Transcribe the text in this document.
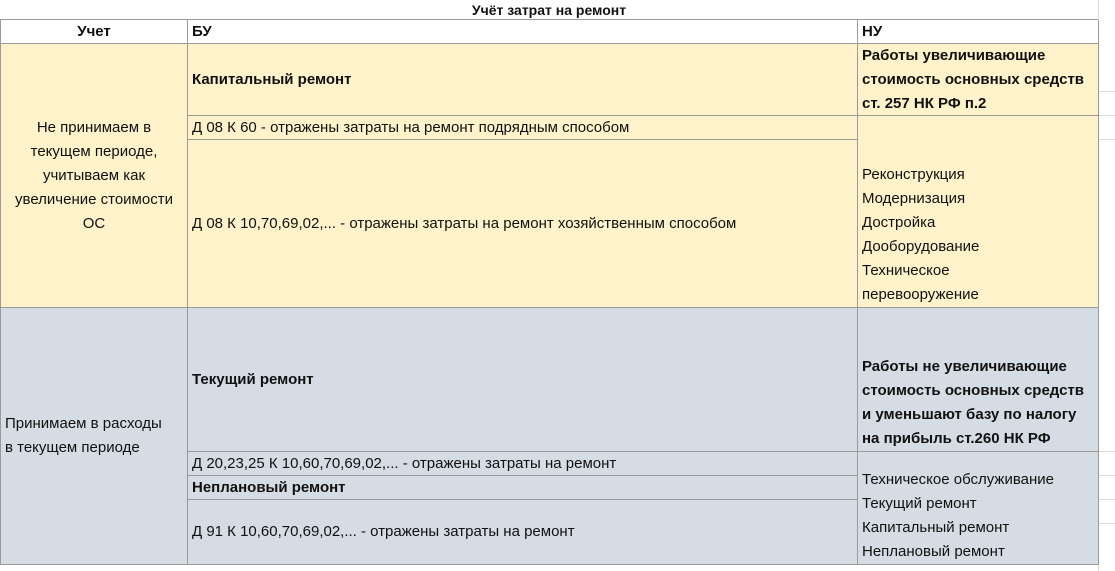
Учёт затрат на ремонт
Учет	БУ	НУ
Не принимаем в
текущем периоде,
учитываем как
увеличение стоимости
ОС
Капитальный ремонт
Д 08 К 60 - отражены затраты на ремонт подрядным способом
Д 08 К 10,70,69,02,... - отражены затраты на ремонт хозяйственным способом
Работы увеличивающие
стоимость основных средств
ст. 257 НК РФ п.2
Реконструкция
Модернизация
Достройка
Дооборудование
Техническое
перевооружение
Принимаем в расходы
в текущем периоде
Текущий ремонт
Д 20,23,25 К 10,60,70,69,02,... - отражены затраты на ремонт
Неплановый ремонт
Д 91 К 10,60,70,69,02,... - отражены затраты на ремонт
Работы не увеличивающие
стоимость основных средств
и уменьшают базу по налогу
на прибыль ст.260 НК РФ
Техническое обслуживание
Текущий ремонт
Капитальный ремонт
Неплановый ремонт
